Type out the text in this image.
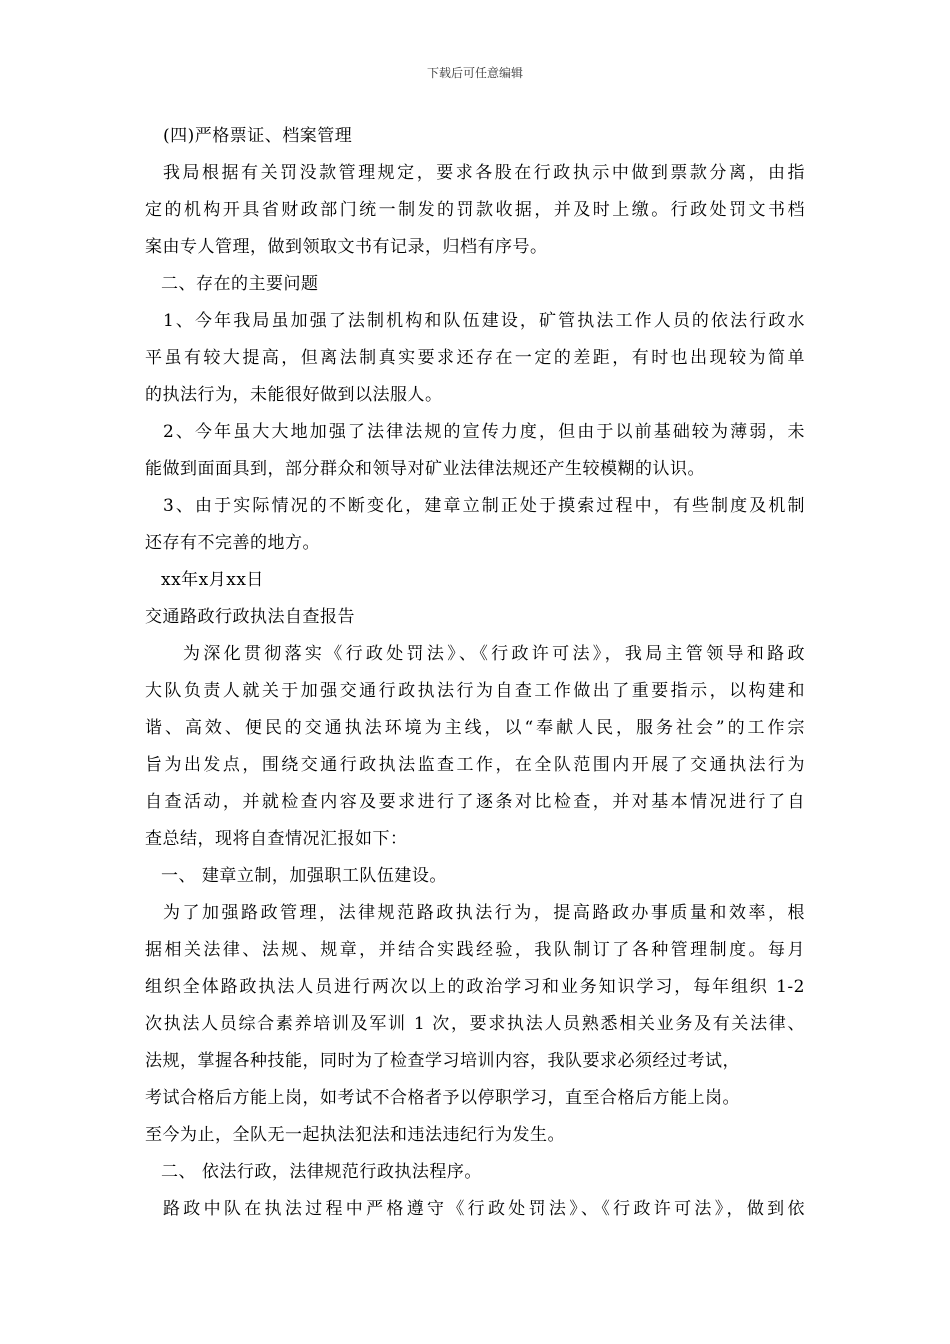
下载后可任意编辑
(四)严格票证、档案管理
我局根据有关罚没款管理规定，要求各股在行政执示中做到票款分离，由指
定的机构开具省财政部门统一制发的罚款收据，并及时上缴。行政处罚文书档
案由专人管理，做到领取文书有记录，归档有序号。
二、存在的主要问题
1、今年我局虽加强了法制机构和队伍建设，矿管执法工作人员的依法行政水
平虽有较大提高，但离法制真实要求还存在一定的差距，有时也出现较为简单
的执法行为，未能很好做到以法服人。
2、今年虽大大地加强了法律法规的宣传力度，但由于以前基础较为薄弱，未
能做到面面具到，部分群众和领导对矿业法律法规还产生较模糊的认识。
3、由于实际情况的不断变化，建章立制正处于摸索过程中，有些制度及机制
还存有不完善的地方。
xx年x月xx日
交通路政行政执法自查报告
为深化贯彻落实《行政处罚法》、《行政许可法》，我局主管领导和路政
大队负责人就关于加强交通行政执法行为自查工作做出了重要指示，以构建和
谐、高效、便民的交通执法环境为主线，以“奉献人民，服务社会”的工作宗
旨为出发点，围绕交通行政执法监查工作，在全队范围内开展了交通执法行为
自查活动，并就检查内容及要求进行了逐条对比检查，并对基本情况进行了自
查总结，现将自查情况汇报如下：
一、 建章立制，加强职工队伍建设。
为了加强路政管理，法律规范路政执法行为，提高路政办事质量和效率，根
据相关法律、法规、规章，并结合实践经验，我队制订了各种管理制度。每月
组织全体路政执法人员进行两次以上的政治学习和业务知识学习，每年组织 1-2
次执法人员综合素养培训及军训 1 次，要求执法人员熟悉相关业务及有关法律、
法规，掌握各种技能，同时为了检查学习培训内容，我队要求必须经过考试，
考试合格后方能上岗，如考试不合格者予以停职学习，直至合格后方能上岗。
至今为止，全队无一起执法犯法和违法违纪行为发生。
二、 依法行政，法律规范行政执法程序。
路政中队在执法过程中严格遵守《行政处罚法》、《行政许可法》，做到依
